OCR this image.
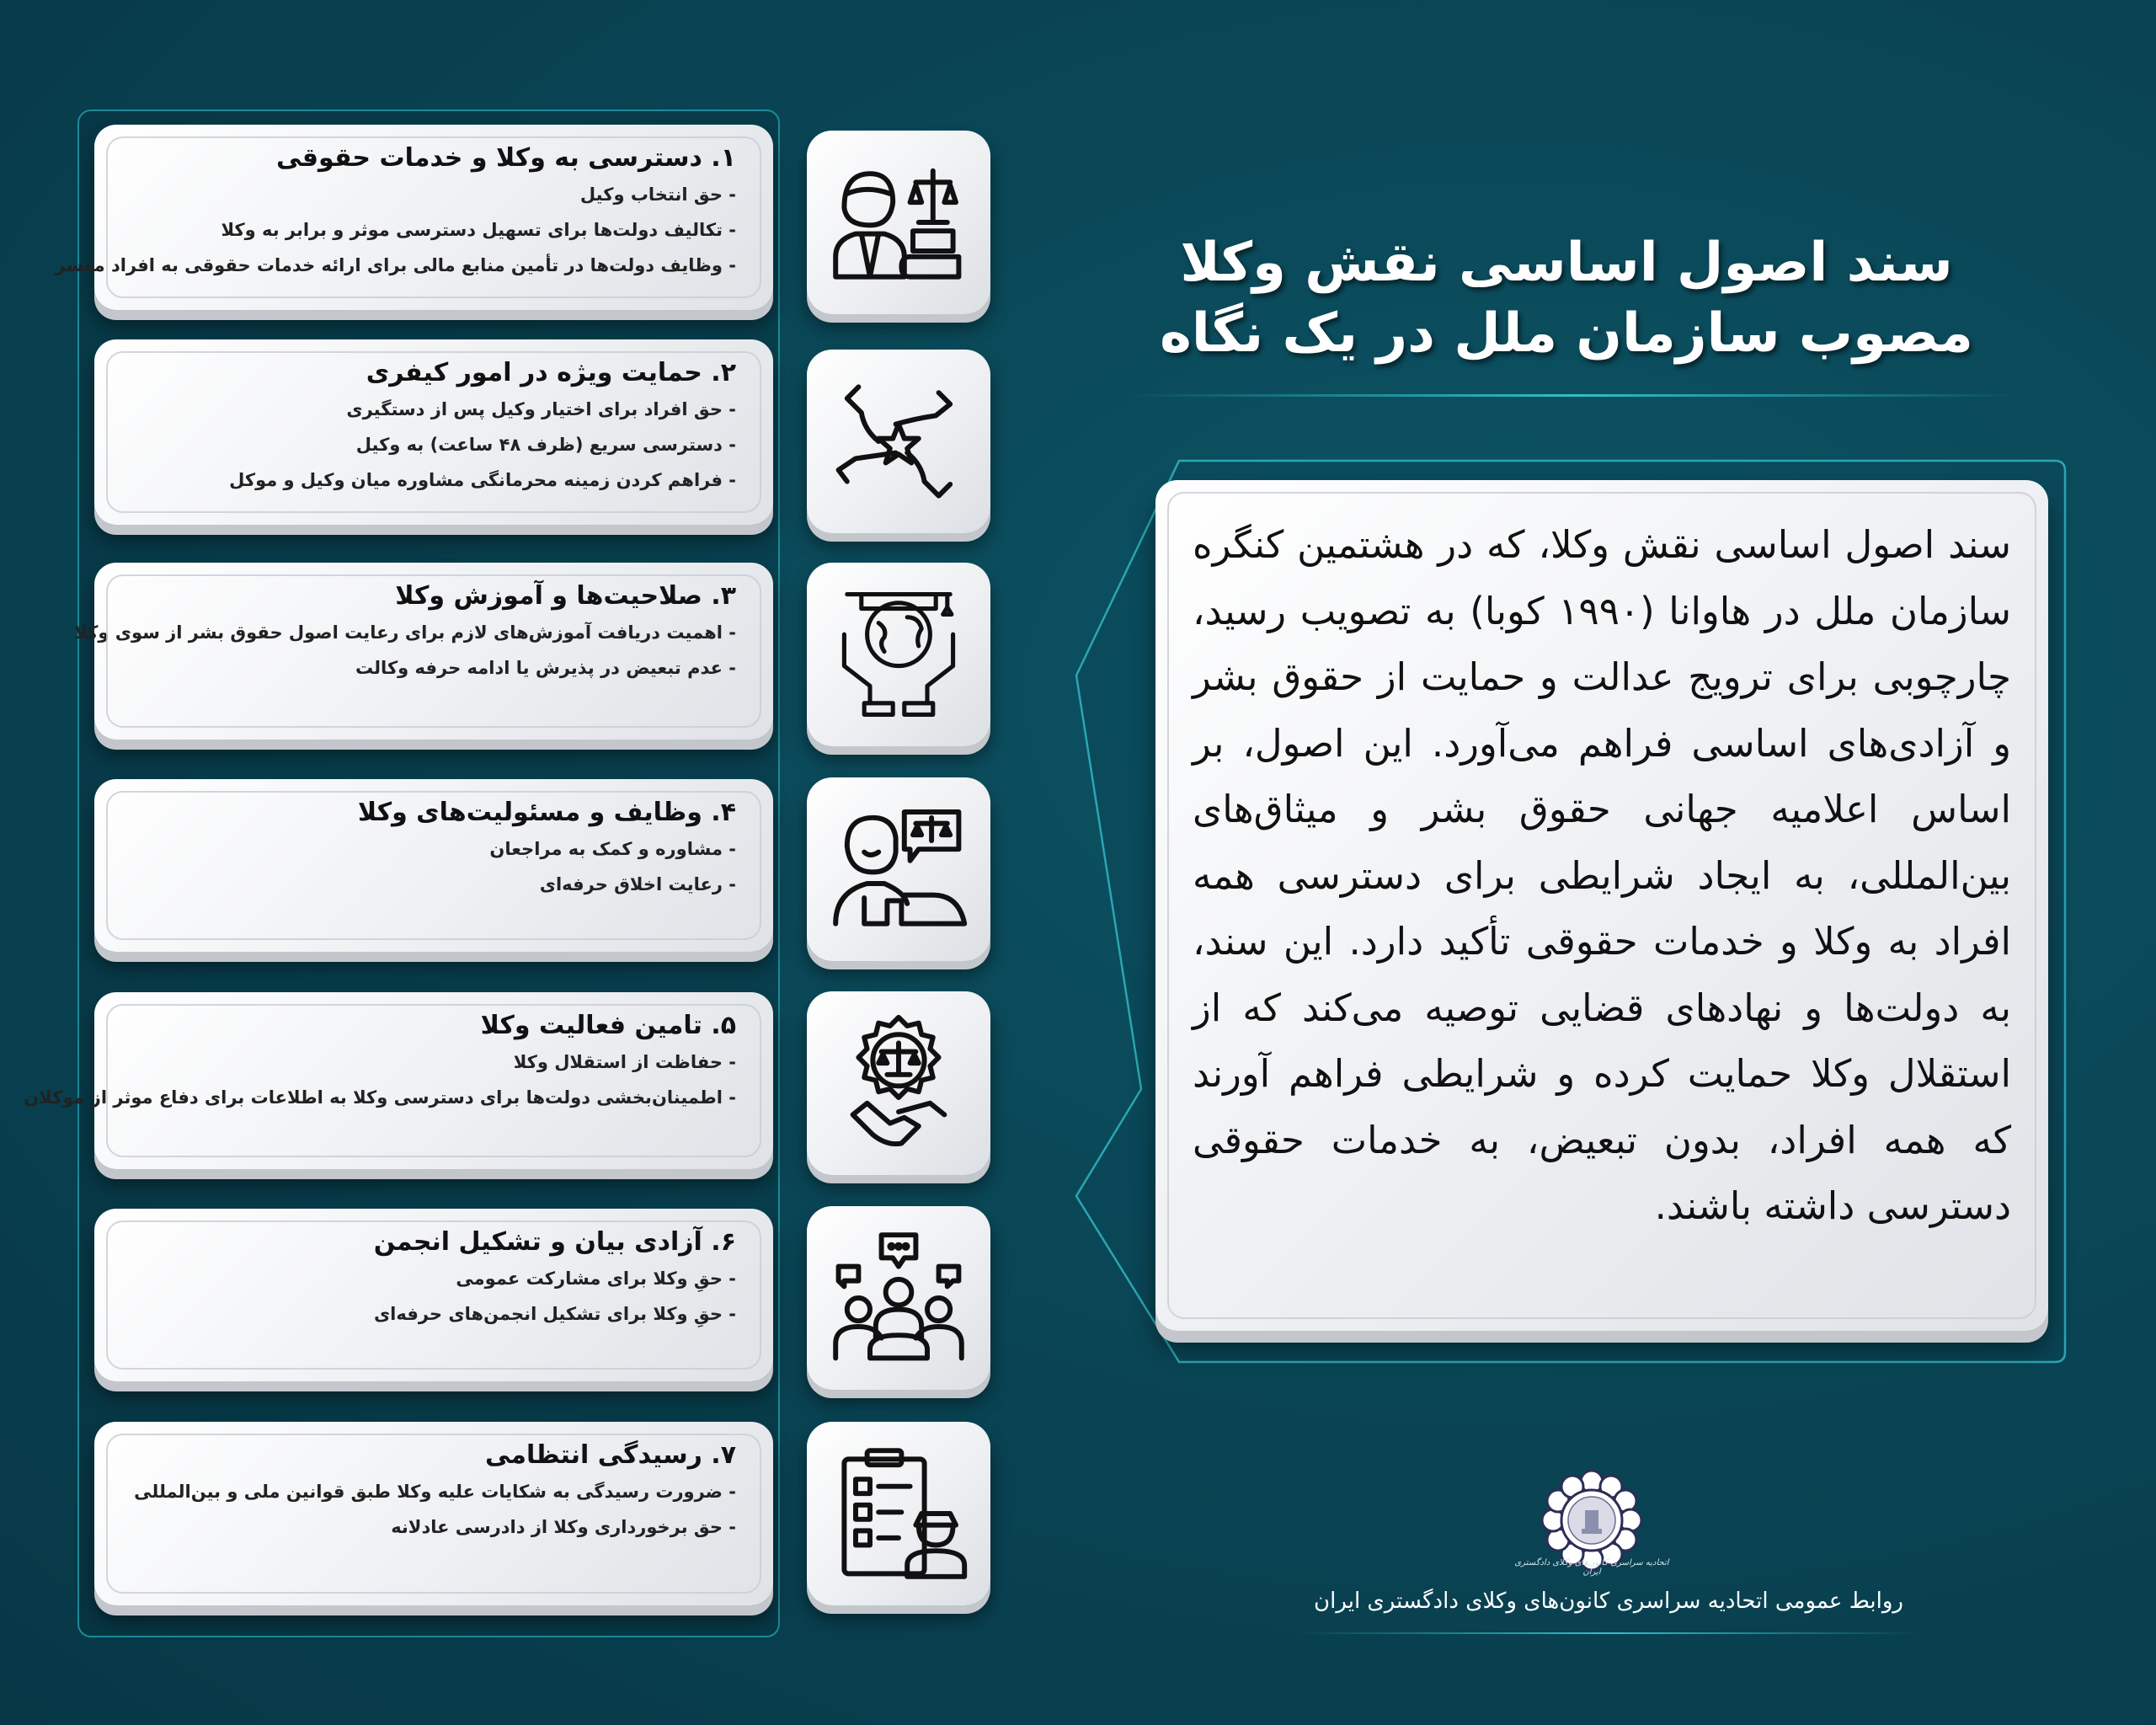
۱. دسترسی به وکلا و خدمات حقوقی
- حق انتخاب وکیل
- تکالیف دولت‌ها برای تسهیل دسترسی موثر و برابر به وکلا
- وظایف دولت‌ها در تأمین منابع مالی برای ارائه خدمات حقوقی به افراد معسر
۲. حمایت ویژه در امور کیفری
- حق افراد برای اختیار وکیل پس از دستگیری
- دسترسی سریع (ظرف ۴۸ ساعت) به وکیل
- فراهم کردن زمینه محرمانگی مشاوره میان وکیل و موکل
۳. صلاحیت‌ها و آموزش وکلا
- اهمیت دریافت آموزش‌های لازم برای رعایت اصول حقوق بشر از سوی وکلا
- عدم تبعیض در پذیرش یا ادامه حرفه وکالت
۴. وظایف و مسئولیت‌های وکلا
- مشاوره و کمک به مراجعان
- رعایت اخلاق حرفه‌ای
۵. تامین فعالیت وکلا
- حفاظت از استقلال وکلا
- اطمینان‌بخشی دولت‌ها برای دسترسی وکلا به اطلاعات برای دفاع موثر از موکلان
۶. آزادی بیان و تشکیل انجمن
- حقِ وکلا برای مشارکت عمومی
- حقِ وکلا برای تشکیل انجمن‌های حرفه‌ای
۷. رسیدگی انتظامی
- ضرورت رسیدگی به شکایات علیه وکلا طبق قوانین ملی و بین‌المللی
- حق برخورداری وکلا از دادرسی عادلانه
سند اصول اساسی نقش وکلا
مصوب سازمان ملل در یک نگاه

سند اصول اساسی نقش وکلا، که در هشتمین کنگره سازمان ملل در هاوانا (۱۹۹۰ کوبا) به تصویب رسید، چارچوبی برای ترویج عدالت و حمایت از حقوق بشر و آزادی‌های اساسی فراهم می‌آورد. این اصول، بر اساس اعلامیه جهانی حقوق بشر و میثاق‌های بین‌المللی، به ایجاد شرایطی برای دسترسی همه افراد به وکلا و خدمات حقوقی تأکید دارد. این سند، به دولت‌ها و نهادهای قضایی توصیه می‌کند که از استقلال وکلا حمایت کرده و شرایطی فراهم آورند که همه افراد، بدون تبعیض، به خدمات حقوقی دسترسی داشته باشند.

اتحادیه سراسری کانون‌های وکلای دادگستری ایران
روابط عمومی اتحادیه سراسری کانون‌های وکلای دادگستری ایران
